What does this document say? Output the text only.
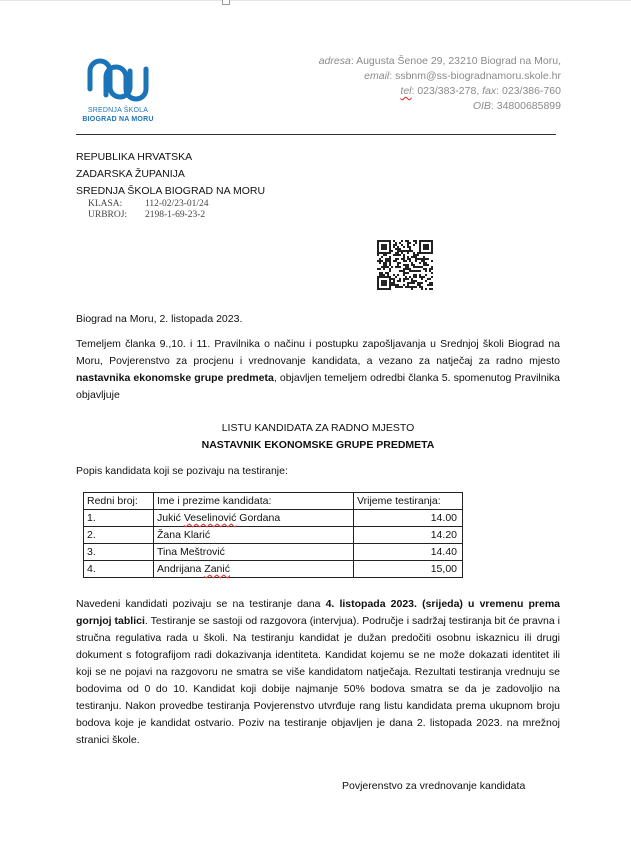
SREDNJA ŠKOLA
BIOGRAD NA MORU
adresa: Augusta Šenoe 29, 23210 Biograd na Moru,
email: ssbnm@ss-biogradnamoru.skole.hr
tel: 023/383-278, fax: 023/386-760
OIB: 34800685899
REPUBLIKA HRVATSKA
ZADARSKA ŽUPANIJA
SREDNJA ŠKOLA BIOGRAD NA MORU
KLASA:	112-02/23-01/24
URBROJ:	2198-1-69-23-2
Biograd na Moru, 2. listopada 2023.
Temeljem članka 9.,10. i 11. Pravilnika o načinu i postupku zapošljavanja u Srednjoj školi Biograd na Moru, Povjerenstvo za procjenu i vrednovanje kandidata, a vezano za natječaj za radno mjesto nastavnika ekonomske grupe predmeta, objavljen temeljem odredbi članka 5. spomenutog Pravilnika objavljuje
LISTU KANDIDATA ZA RADNO MJESTO
NASTAVNIK EKONOMSKE GRUPE PREDMETA
Popis kandidata koji se pozivaju na testiranje:
Redni broj:	Ime i prezime kandidata:	Vrijeme testiranja:
1.	Jukić Veselinović Gordana	14.00
2.	Žana Klarić	14.20
3.	Tina Meštrović	14.40
4.	Andrijana Zanić	15,00
Navedeni kandidati pozivaju se na testiranje dana 4. listopada 2023. (srijeda) u vremenu prema gornjoj tablici. Testiranje se sastoji od razgovora (intervjua). Područje i sadržaj testiranja bit će pravna i stručna regulativa rada u školi. Na testiranju kandidat je dužan predočiti osobnu iskaznicu ili drugi dokument s fotografijom radi dokazivanja identiteta. Kandidat kojemu se ne može dokazati identitet ili koji se ne pojavi na razgovoru ne smatra se više kandidatom natječaja. Rezultati testiranja vrednuju se bodovima od 0 do 10. Kandidat koji dobije najmanje 50% bodova smatra se da je zadovoljio na testiranju. Nakon provedbe testiranja Povjerenstvo utvrđuje rang listu kandidata prema ukupnom broju bodova koje je kandidat ostvario. Poziv na testiranje objavljen je dana 2. listopada 2023. na mrežnoj stranici škole.
Povjerenstvo za vrednovanje kandidata
